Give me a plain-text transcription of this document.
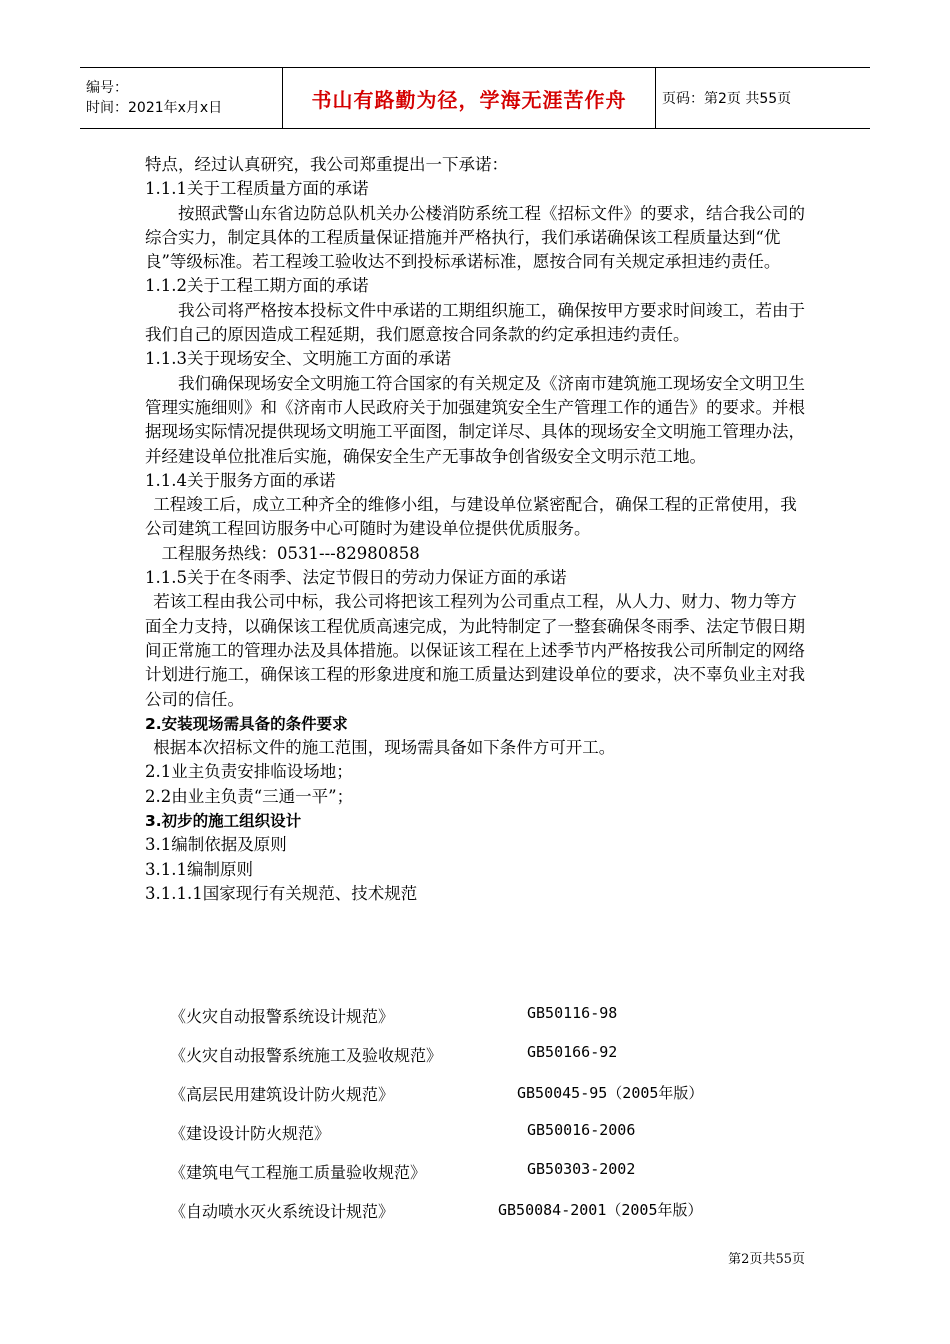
编号：
时间：2021年x月x日	书山有路勤为径，学海无涯苦作舟	页码：第2页 共55页

特点，经过认真研究，我公司郑重提出一下承诺：

1.1.1关于工程质量方面的承诺

按照武警山东省边防总队机关办公楼消防系统工程《招标文件》的要求，结合我公司的综合实力，制定具体的工程质量保证措施并严格执行，我们承诺确保该工程质量达到“优良”等级标准。若工程竣工验收达不到投标承诺标准，愿按合同有关规定承担违约责任。

1.1.2关于工程工期方面的承诺

我公司将严格按本投标文件中承诺的工期组织施工，确保按甲方要求时间竣工，若由于我们自己的原因造成工程延期，我们愿意按合同条款的约定承担违约责任。

1.1.3关于现场安全、文明施工方面的承诺

我们确保现场安全文明施工符合国家的有关规定及《济南市建筑施工现场安全文明卫生管理实施细则》和《济南市人民政府关于加强建筑安全生产管理工作的通告》的要求。并根据现场实际情况提供现场文明施工平面图，制定详尽、具体的现场安全文明施工管理办法，并经建设单位批准后实施，确保安全生产无事故争创省级安全文明示范工地。

1.1.4关于服务方面的承诺

工程竣工后，成立工种齐全的维修小组，与建设单位紧密配合，确保工程的正常使用，我公司建筑工程回访服务中心可随时为建设单位提供优质服务。

工程服务热线：0531---82980858

1.1.5关于在冬雨季、法定节假日的劳动力保证方面的承诺

若该工程由我公司中标，我公司将把该工程列为公司重点工程，从人力、财力、物力等方面全力支持，以确保该工程优质高速完成，为此特制定了一整套确保冬雨季、法定节假日期间正常施工的管理办法及具体措施。以保证该工程在上述季节内严格按我公司所制定的网络计划进行施工，确保该工程的形象进度和施工质量达到建设单位的要求，决不辜负业主对我公司的信任。

2.安装现场需具备的条件要求

根据本次招标文件的施工范围，现场需具备如下条件方可开工。

2.1业主负责安排临设场地；

2.2由业主负责“三通一平”；

3.初步的施工组织设计

3.1编制依据及原则

3.1.1编制原则

3.1.1.1国家现行有关规范、技术规范

《火灾自动报警系统设计规范》	GB50116-98
《火灾自动报警系统施工及验收规范》	GB50166-92
《高层民用建筑设计防火规范》	GB50045-95（2005年版）
《建设设计防火规范》	GB50016-2006
《建筑电气工程施工质量验收规范》	GB50303-2002
《自动喷水灭火系统设计规范》	GB50084-2001（2005年版）
第2页共55页
